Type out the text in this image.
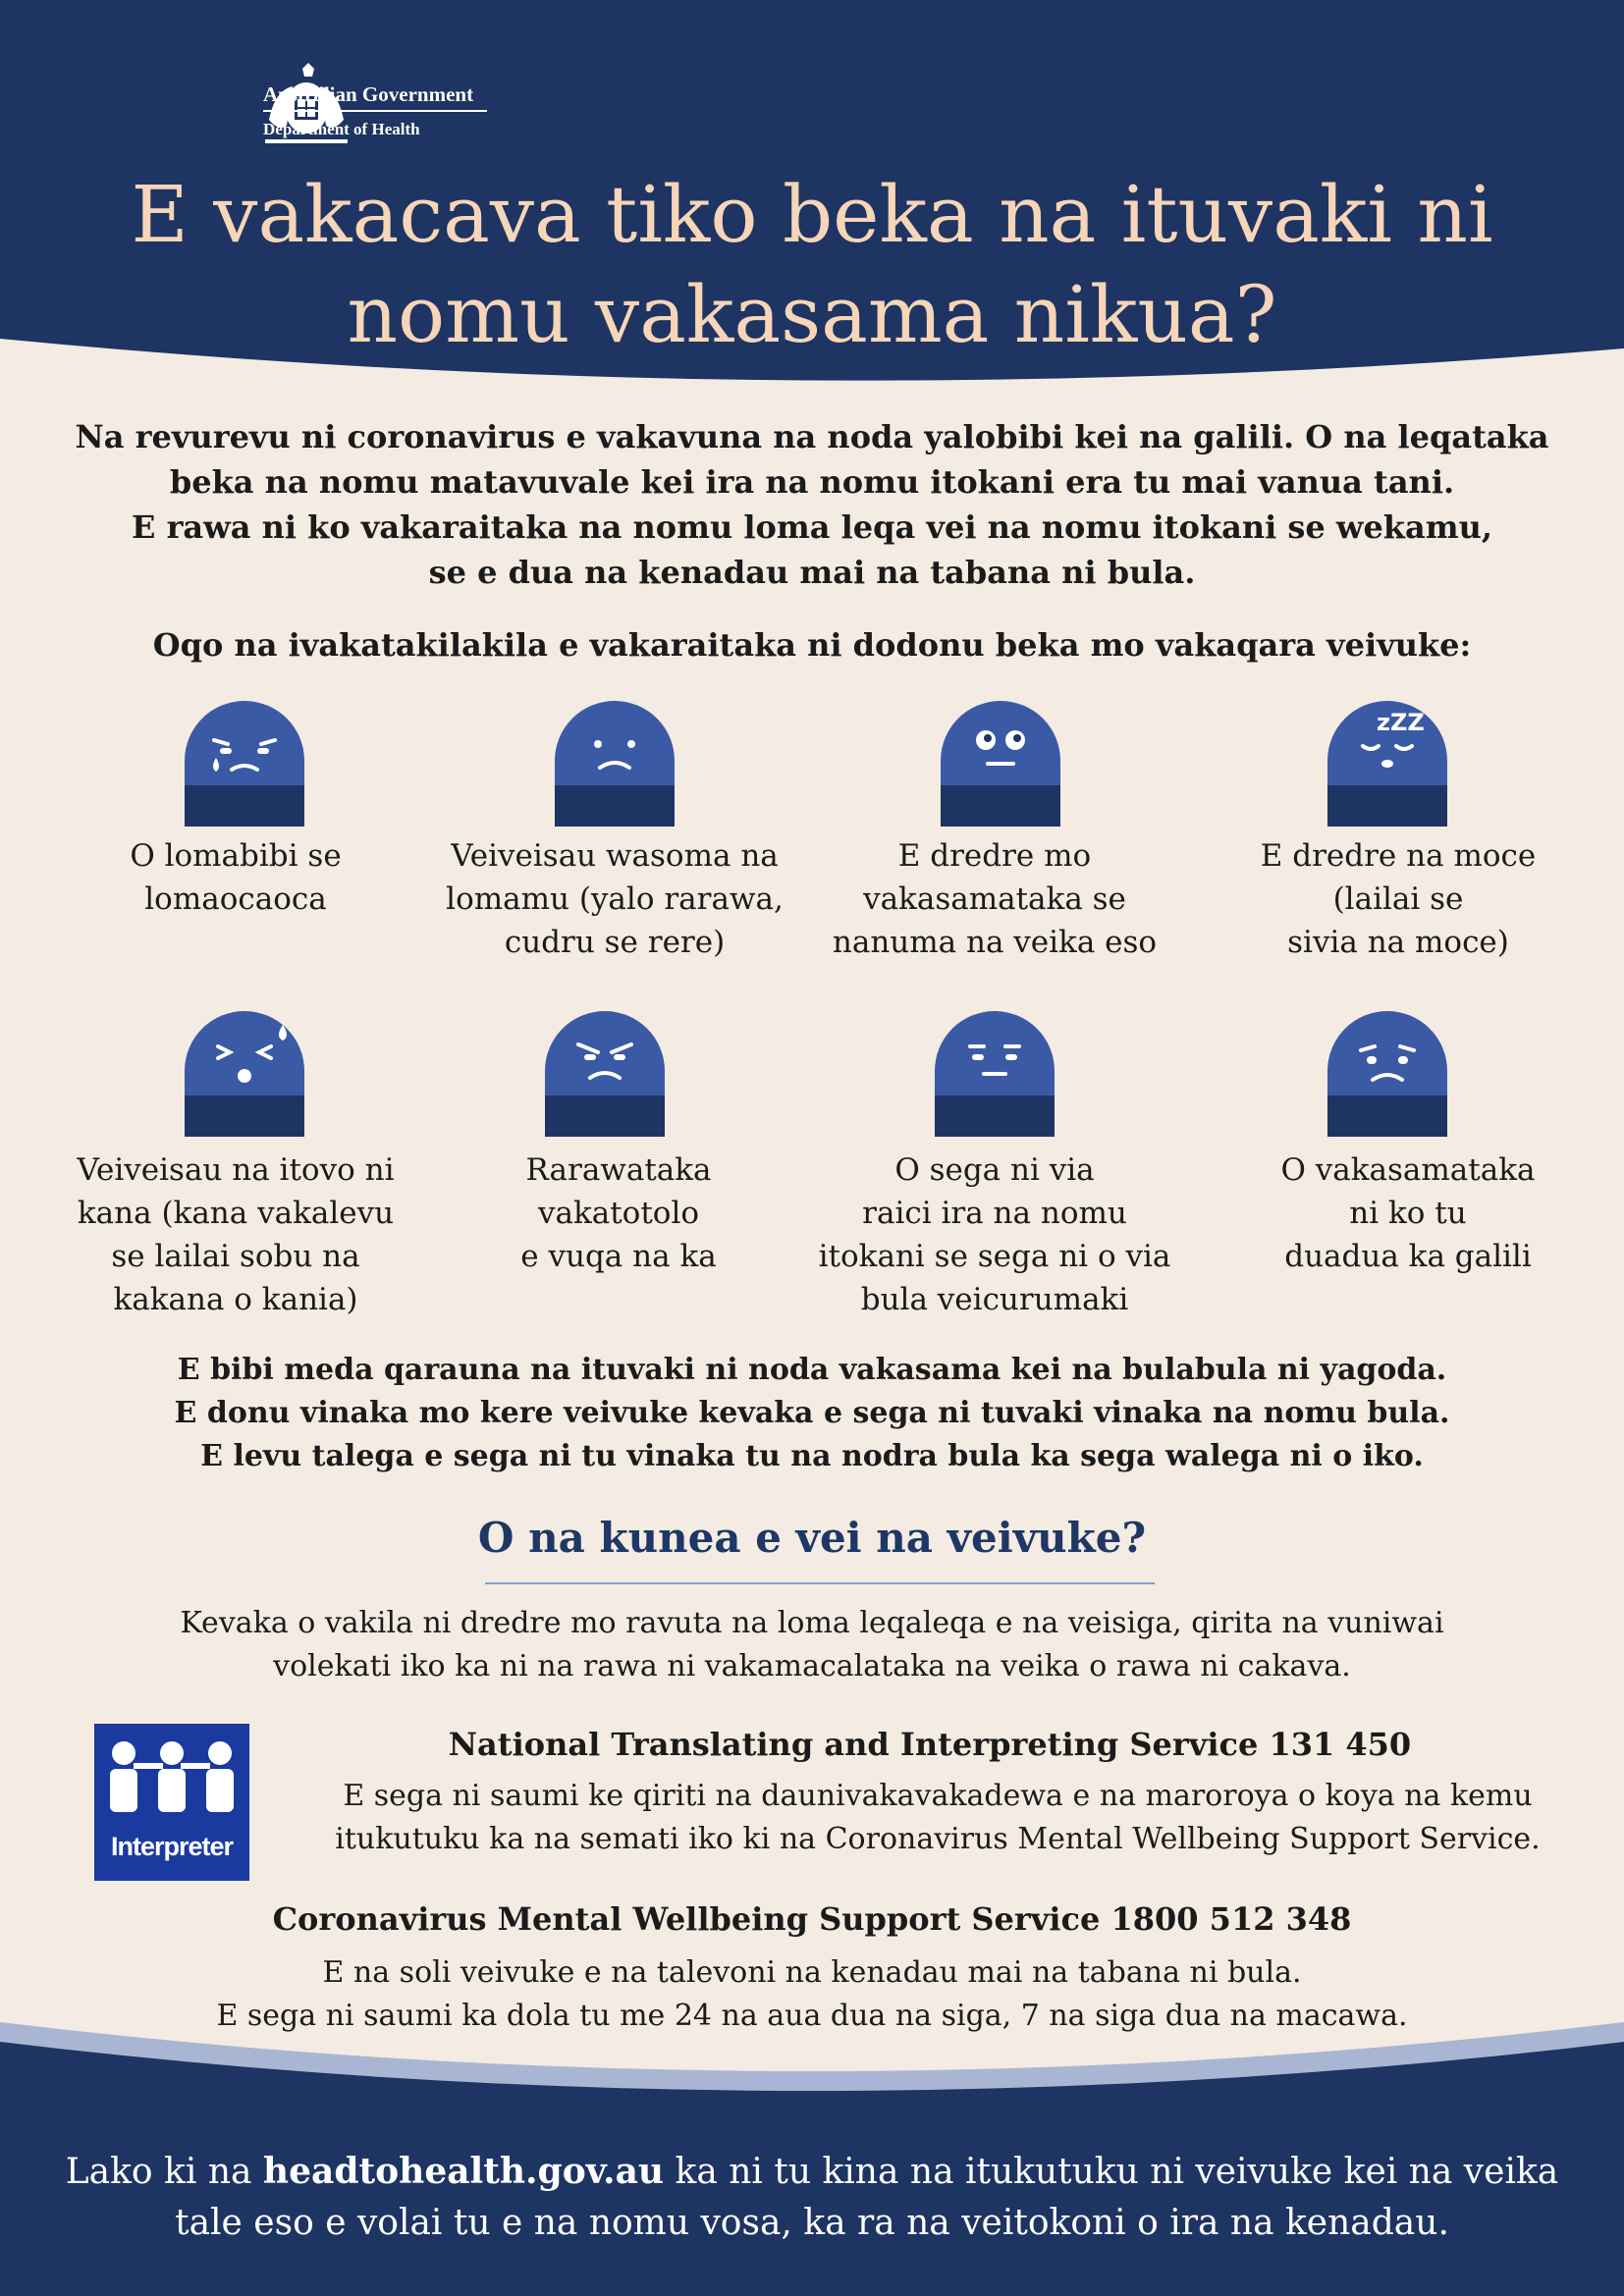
Australian Government
Department of Health
E vakacava tiko beka na ituvaki ni
nomu vakasama nikua?
Na revurevu ni coronavirus e vakavuna na noda yalobibi kei na galili. O na leqataka
beka na nomu matavuvale kei ira na nomu itokani era tu mai vanua tani.
E rawa ni ko vakaraitaka na nomu loma leqa vei na nomu itokani se wekamu,
se e dua na kenadau mai na tabana ni bula.
Oqo na ivakatakilakila e vakaraitaka ni dodonu beka mo vakaqara veivuke:
zZZ
O lomabibi se
lomaocaoca
Veiveisau wasoma na
lomamu (yalo rarawa,
cudru se rere)
E dredre mo
vakasamataka se
nanuma na veika eso
E dredre na moce
(lailai se
sivia na moce)
Veiveisau na itovo ni
kana (kana vakalevu
se lailai sobu na
kakana o kania)
Rarawataka
vakatotolo
e vuqa na ka
O sega ni via
raici ira na nomu
itokani se sega ni o via
bula veicurumaki
O vakasamataka
ni ko tu
duadua ka galili
E bibi meda qarauna na ituvaki ni noda vakasama kei na bulabula ni yagoda.
E donu vinaka mo kere veivuke kevaka e sega ni tuvaki vinaka na nomu bula.
E levu talega e sega ni tu vinaka tu na nodra bula ka sega walega ni o iko.
O na kunea e vei na veivuke?
Kevaka o vakila ni dredre mo ravuta na loma leqaleqa e na veisiga, qirita na vuniwai
volekati iko ka ni na rawa ni vakamacalataka na veika o rawa ni cakava.
Interpreter
National Translating and Interpreting Service 131 450
E sega ni saumi ke qiriti na daunivakavakadewa e na maroroya o koya na kemu
itukutuku ka na semati iko ki na Coronavirus Mental Wellbeing Support Service.
Coronavirus Mental Wellbeing Support Service 1800 512 348
E na soli veivuke e na talevoni na kenadau mai na tabana ni bula.
E sega ni saumi ka dola tu me 24 na aua dua na siga, 7 na siga dua na macawa.
Lako ki na headtohealth.gov.au ka ni tu kina na itukutuku ni veivuke kei na veika
tale eso e volai tu e na nomu vosa, ka ra na veitokoni o ira na kenadau.
